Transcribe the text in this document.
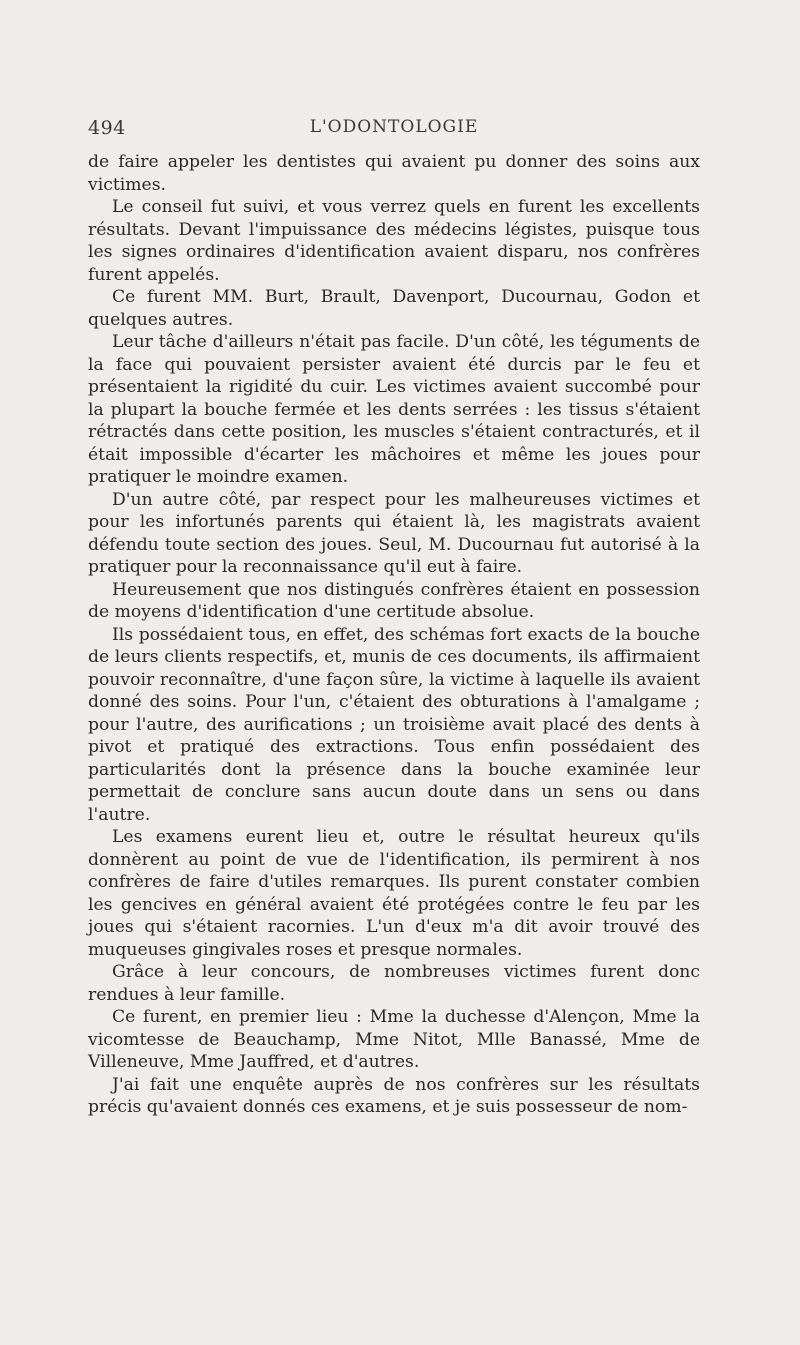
494	L'ODONTOLOGIE

de faire appeler les dentistes qui avaient pu donner des soins aux victimes.

Le conseil fut suivi, et vous verrez quels en furent les excellents résultats. Devant l'impuissance des médecins légistes, puisque tous les signes ordinaires d'identification avaient disparu, nos confrères furent appelés.

Ce furent MM. Burt, Brault, Davenport, Ducournau, Godon et quelques autres.

Leur tâche d'ailleurs n'était pas facile. D'un côté, les téguments de la face qui pouvaient persister avaient été durcis par le feu et présentaient la rigidité du cuir. Les victimes avaient succombé pour la plupart la bouche fermée et les dents serrées : les tissus s'étaient rétractés dans cette position, les muscles s'étaient contracturés, et il était impossible d'écarter les mâchoires et même les joues pour pratiquer le moindre examen.

D'un autre côté, par respect pour les malheureuses victimes et pour les infortunés parents qui étaient là, les magistrats avaient défendu toute section des joues. Seul, M. Ducournau fut autorisé à la pratiquer pour la reconnaissance qu'il eut à faire.

Heureusement que nos distingués confrères étaient en possession de moyens d'identification d'une certitude absolue.

Ils possédaient tous, en effet, des schémas fort exacts de la bouche de leurs clients respectifs, et, munis de ces documents, ils affirmaient pouvoir reconnaître, d'une façon sûre, la victime à laquelle ils avaient donné des soins. Pour l'un, c'étaient des obturations à l'amalgame ; pour l'autre, des aurifications ; un troisième avait placé des dents à pivot et pratiqué des extractions. Tous enfin possédaient des particularités dont la présence dans la bouche examinée leur permettait de conclure sans aucun doute dans un sens ou dans l'autre.

Les examens eurent lieu et, outre le résultat heureux qu'ils donnèrent au point de vue de l'identification, ils permirent à nos confrères de faire d'utiles remarques. Ils purent constater combien les gencives en général avaient été protégées contre le feu par les joues qui s'étaient racornies. L'un d'eux m'a dit avoir trouvé des muqueuses gingivales roses et presque normales.

Grâce à leur concours, de nombreuses victimes furent donc rendues à leur famille.

Ce furent, en premier lieu : Mme la duchesse d'Alençon, Mme la vicomtesse de Beauchamp, Mme Nitot, Mlle Banassé, Mme de Villeneuve, Mme Jauffred, et d'autres.

J'ai fait une enquête auprès de nos confrères sur les résultats précis qu'avaient donnés ces examens, et je suis possesseur de nom-
